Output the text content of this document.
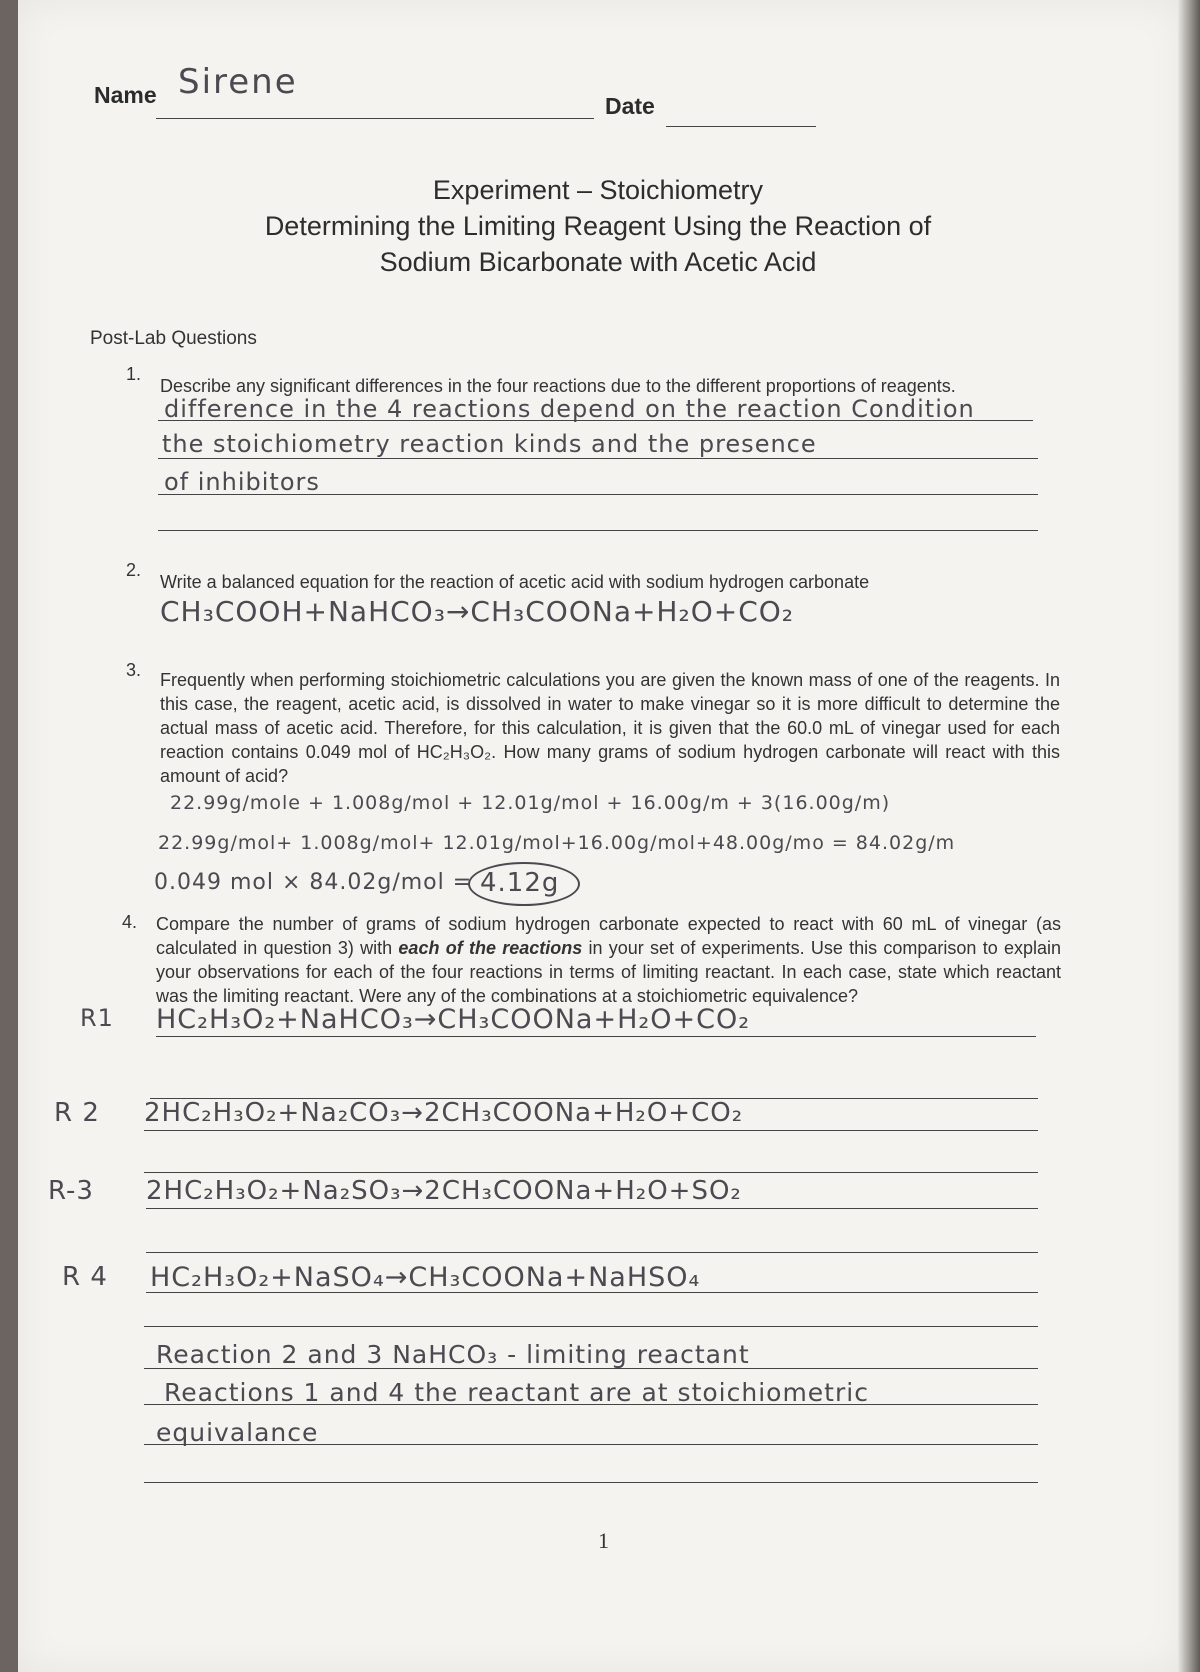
Name Sirene
Date
Experiment – Stoichiometry
Determining the Limiting Reagent Using the Reaction of
Sodium Bicarbonate with Acetic Acid
Post-Lab Questions
1.
Describe any significant differences in the four reactions due to the different proportions of reagents.
difference in the 4 reactions depend on the reaction Condition
the stoichiometry reaction kinds and the presence
of inhibitors
2.
Write a balanced equation for the reaction of acetic acid with sodium hydrogen carbonate
CH₃COOH+NaHCO₃→CH₃COONa+H₂O+CO₂
3. Frequently when performing stoichiometric calculations you are given the known mass of one of the reagents. In this case, the reagent, acetic acid, is dissolved in water to make vinegar so it is more difficult to determine the actual mass of acetic acid. Therefore, for this calculation, it is given that the 60.0 mL of vinegar used for each reaction contains 0.049 mol of HC₂H₃O₂. How many grams of sodium hydrogen carbonate will react with this amount of acid?
22.99g/mole + 1.008g/mol + 12.01g/mol + 16.00g/m + 3(16.00g/m)
22.99g/mol+ 1.008g/mol+ 12.01g/mol+16.00g/mol+48.00g/mo = 84.02g/m
0.049 mol × 84.02g/mol = 4.12g
4. Compare the number of grams of sodium hydrogen carbonate expected to react with 60 mL of vinegar (as calculated in question 3) with each of the reactions in your set of experiments. Use this comparison to explain your observations for each of the four reactions in terms of limiting reactant. In each case, state which reactant was the limiting reactant. Were any of the combinations at a stoichiometric equivalence?
R1 HC₂H₃O₂+NaHCO₃→CH₃COONa+H₂O+CO₂
R 2 2HC₂H₃O₂+Na₂CO₃→2CH₃COONa+H₂O+CO₂
R-3 2HC₂H₃O₂+Na₂SO₃→2CH₃COONa+H₂O+SO₂
R 4 HC₂H₃O₂+NaSO₄→CH₃COONa+NaHSO₄
Reaction 2 and 3 NaHCO₃ - limiting reactant
Reactions 1 and 4 the reactant are at stoichiometric
equivalance
1
